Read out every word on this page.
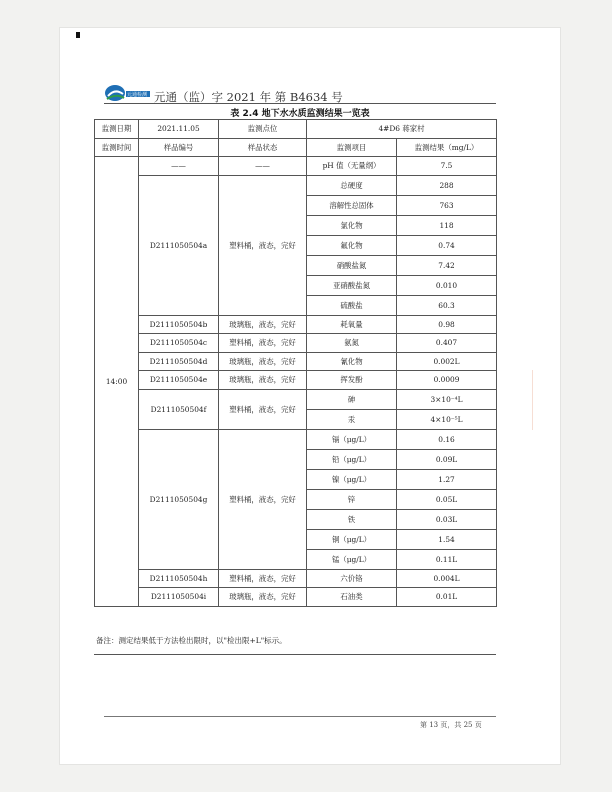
元通检测 元通（监）字 2021 年 第 B4634 号
表 2.4 地下水水质监测结果一览表
监测日期	2021.11.05	监测点位	4#D6 蒋家村	
监测时间	样品编号	样品状态	监测项目	监测结果（mg/L）
14:00	——	——	pH 值（无量纲）	7.5
	D2111050504a	塑料桶，液态，完好	总硬度	288
			溶解性总固体	763
			氯化物	118
			氟化物	0.74
			硝酸盐氮	7.42
			亚硝酸盐氮	0.010
			硫酸盐	60.3
	D2111050504b	玻璃瓶，液态，完好	耗氧量	0.98
	D2111050504c	塑料桶，液态，完好	氨氮	0.407
	D2111050504d	玻璃瓶，液态，完好	氰化物	0.002L
	D2111050504e	玻璃瓶，液态，完好	挥发酚	0.0009
	D2111050504f	塑料桶，液态，完好	砷	3×10⁻⁴L
			汞	4×10⁻⁵L
	D2111050504g	塑料桶，液态，完好	镉（μg/L）	0.16
			铅（μg/L）	0.09L
			镍（μg/L）	1.27
			锌	0.05L
			铁	0.03L
			铜（μg/L）	1.54
			锰（μg/L）	0.11L
	D2111050504h	塑料桶，液态，完好	六价铬	0.004L
	D2111050504i	玻璃瓶，液态，完好	石油类	0.01L
备注：测定结果低于方法检出限时，以"检出限+L"标示。
第 13 页，共 25 页
